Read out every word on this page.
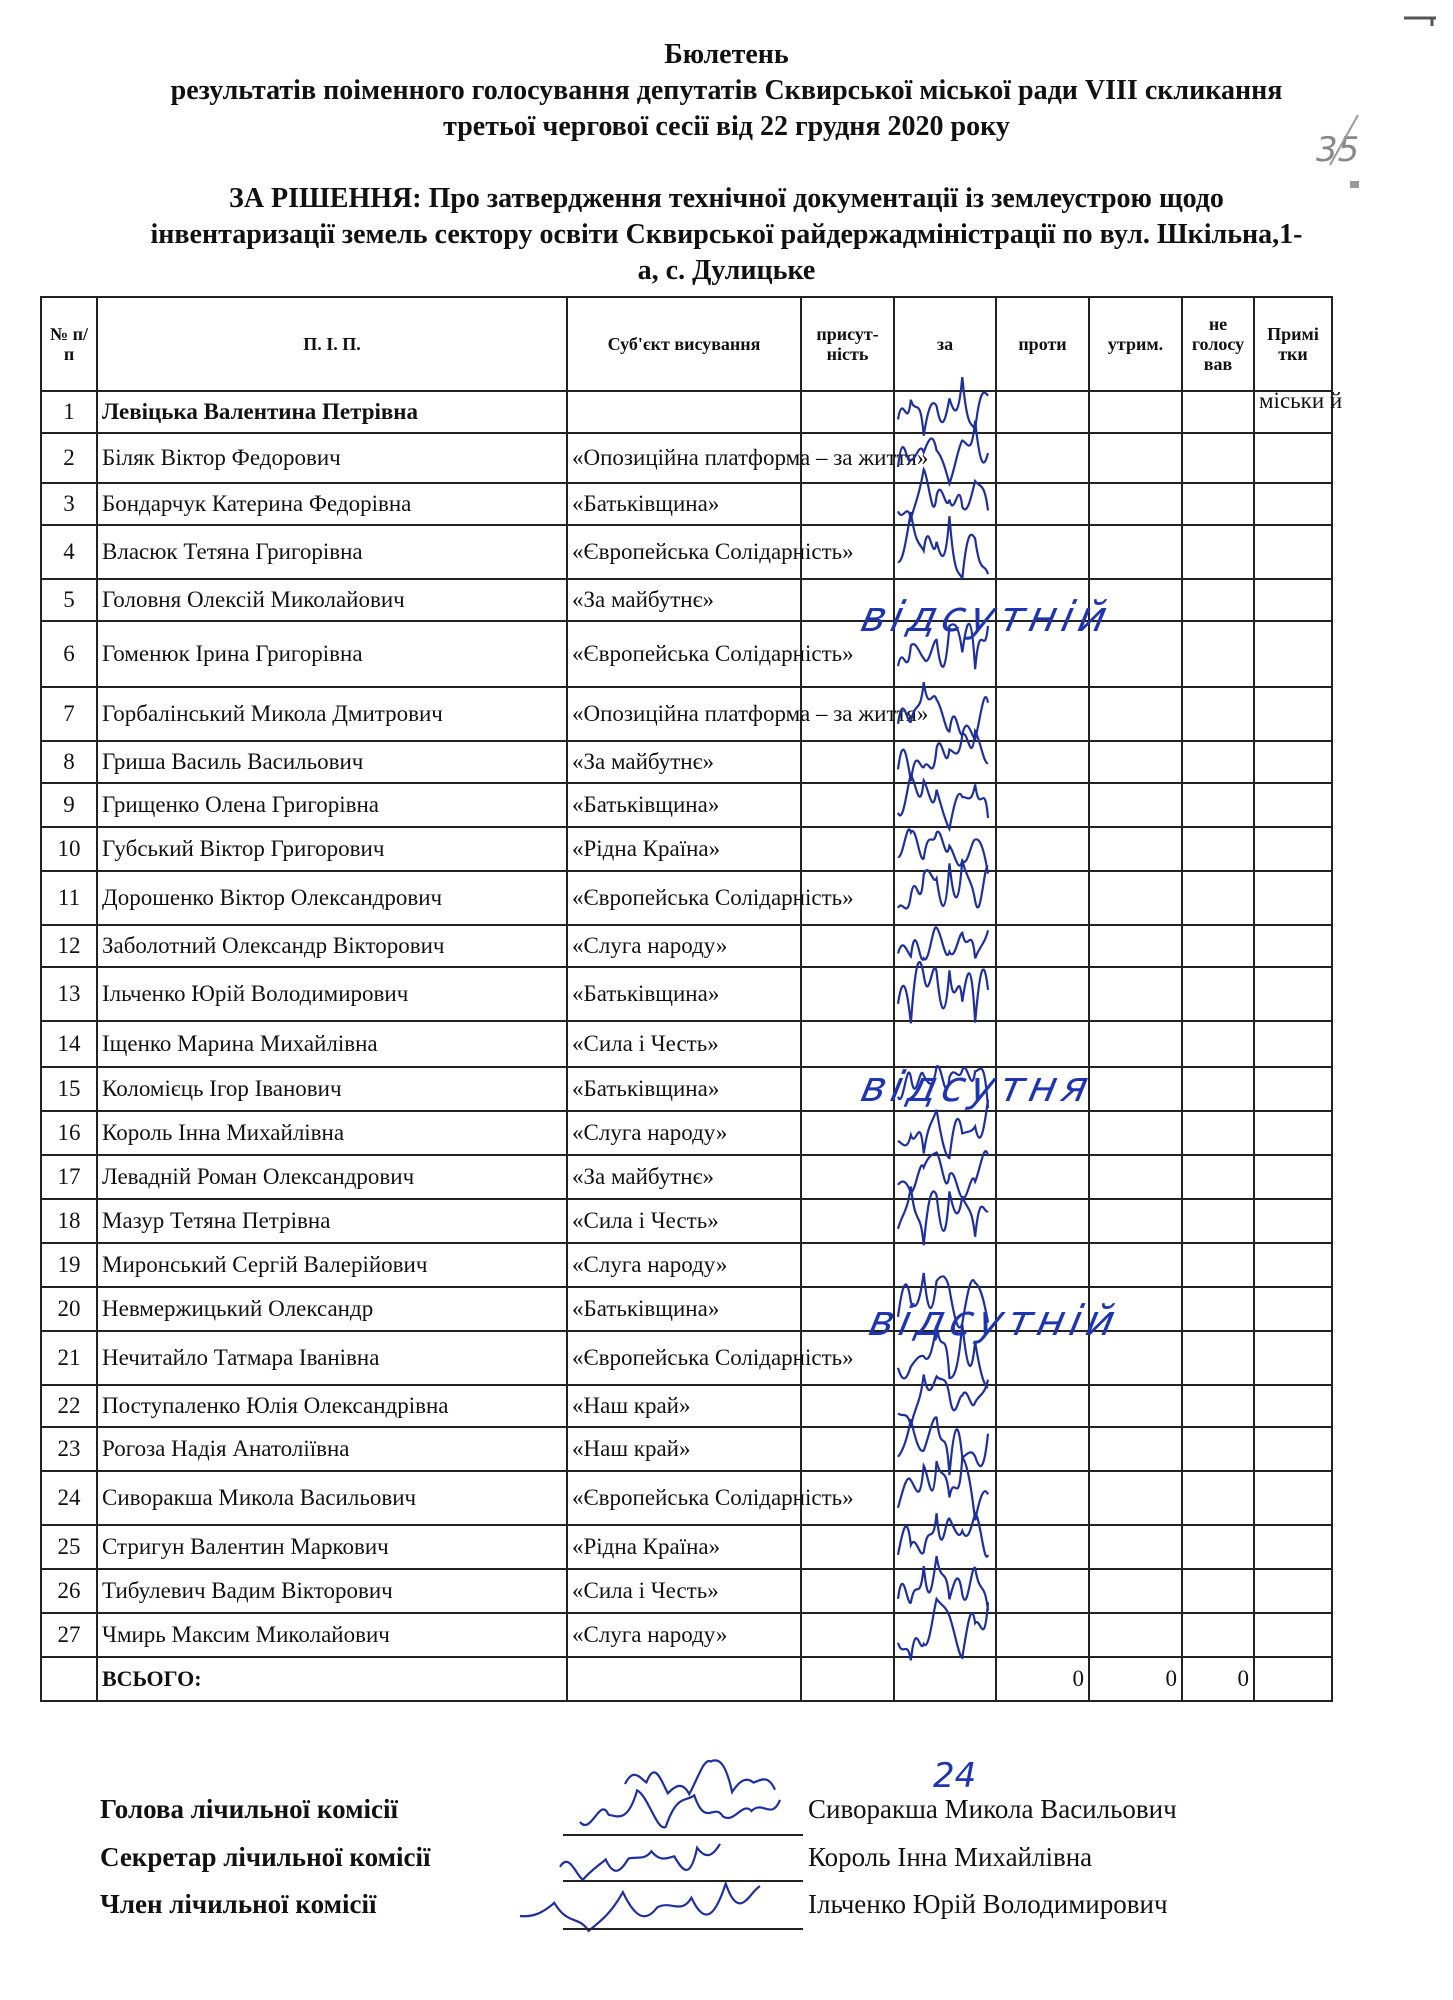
Бюлетень
результатів поіменного голосування депутатів Сквирської міської ради VIII скликання
третьої чергової сесії від 22 грудня 2020 року
ЗА РІШЕННЯ: Про затвердження технічної документації із землеустрою щодо
інвентаризації земель сектору освіти Сквирської райдержадміністрації по вул. Шкільна,1-
а, с. Дулицьке
35
№ п/п	П. І. П.	Суб'єкт висування	присут-ність	за	проти	утрим.	не голосу вав	Примі тки
1	Левіцька Валентина Петрівна							міськи й
2	Біляк Віктор Федорович	«Опозиційна платформа – за життя»						
3	Бондарчук Катерина Федорівна	«Батьківщина»						
4	Власюк Тетяна Григорівна	«Європейська Солідарність»						
5	Головня Олексій Миколайович	«За майбутнє»						
6	Гоменюк Ірина Григорівна	«Європейська Солідарність»						
7	Горбалінський Микола Дмитрович	«Опозиційна платформа – за життя»						
8	Гриша Василь Васильович	«За майбутнє»						
9	Грищенко Олена Григорівна	«Батьківщина»						
10	Губський Віктор Григорович	«Рідна Країна»						
11	Дорошенко Віктор Олександрович	«Європейська Солідарність»						
12	Заболотний Олександр Вікторович	«Слуга народу»						
13	Ільченко Юрій Володимирович	«Батьківщина»						
14	Іщенко Марина Михайлівна	«Сила і Честь»						
15	Коломієць Ігор Іванович	«Батьківщина»						
16	Король Інна Михайлівна	«Слуга народу»						
17	Левадній Роман Олександрович	«За майбутнє»						
18	Мазур Тетяна Петрівна	«Сила і Честь»						
19	Миронський Сергій Валерійович	«Слуга народу»						
20	Невмержицький Олександр	«Батьківщина»						
21	Нечитайло Татмара Іванівна	«Європейська Солідарність»						
22	Поступаленко Юлія Олександрівна	«Наш край»						
23	Рогоза Надія Анатоліївна	«Наш край»						
24	Сиворакша Микола Васильович	«Європейська Солідарність»						
25	Стригун Валентин Маркович	«Рідна Країна»						
26	Тибулевич Вадим Вікторович	«Сила і Честь»						
27	Чмирь Максим Миколайович	«Слуга народу»						
	ВСЬОГО:				0	0	0	
відсутній
відсутня
відсутній
24
Голова лічильної комісії	Сиворакша Микола Васильович
Секретар лічильної комісії	Король Інна Михайлівна
Член лічильної комісії	Ільченко Юрій Володимирович
